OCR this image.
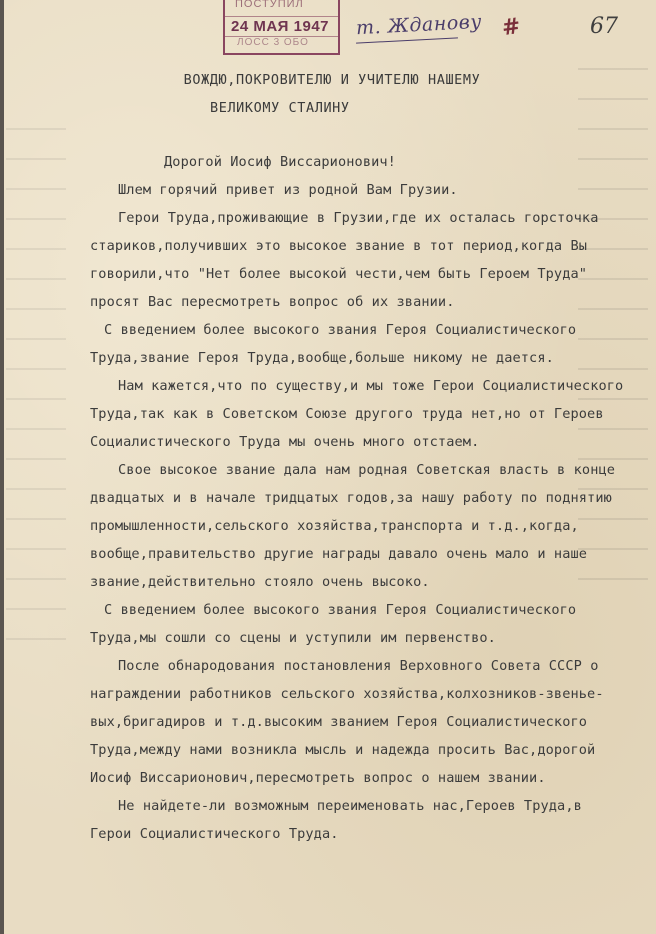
ПОСТУПИЛ
24 МАЯ 1947
ЛОСС 3 ОБО
т. Жданову #	67
ВОЖДЮ,ПОКРОВИТЕЛЮ И УЧИТЕЛЮ НАШЕМУ
ВЕЛИКОМУ СТАЛИНУ
Дорогой Иосиф Виссарионович!
Шлем горячий привет из родной Вам Грузии.
Герои Труда,проживающие в Грузии,где их осталась горсточка
стариков,получивших это высокое звание в тот период,когда Вы
говорили,что "Нет более высокой чести,чем быть Героем Труда"
просят Вас пересмотреть вопрос об их звании.
С введением более высокого звания Героя Социалистического
Труда,звание Героя Труда,вообще,больше никому не дается.
Нам кажется,что по существу,и мы тоже Герои Социалистического
Труда,так как в Советском Союзе другого труда нет,но от Героев
Социалистического Труда мы очень много отстаем.
Свое высокое звание дала нам родная Советская власть в конце
двадцатых и в начале тридцатых годов,за нашу работу по поднятию
промышленности,сельского хозяйства,транспорта и т.д.,когда,
вообще,правительство другие награды давало очень мало и наше
звание,действительно стояло очень высоко.
С введением более высокого звания Героя Социалистического
Труда,мы сошли со сцены и уступили им первенство.
После обнародования постановления Верховного Совета СССР о
награждении работников сельского хозяйства,колхозников-звенье-
вых,бригадиров и т.д.высоким званием Героя Социалистического
Труда,между нами возникла мысль и надежда просить Вас,дорогой
Иосиф Виссарионович,пересмотреть вопрос о нашем звании.
Не найдете-ли возможным переименовать нас,Героев Труда,в
Герои Социалистического Труда.
